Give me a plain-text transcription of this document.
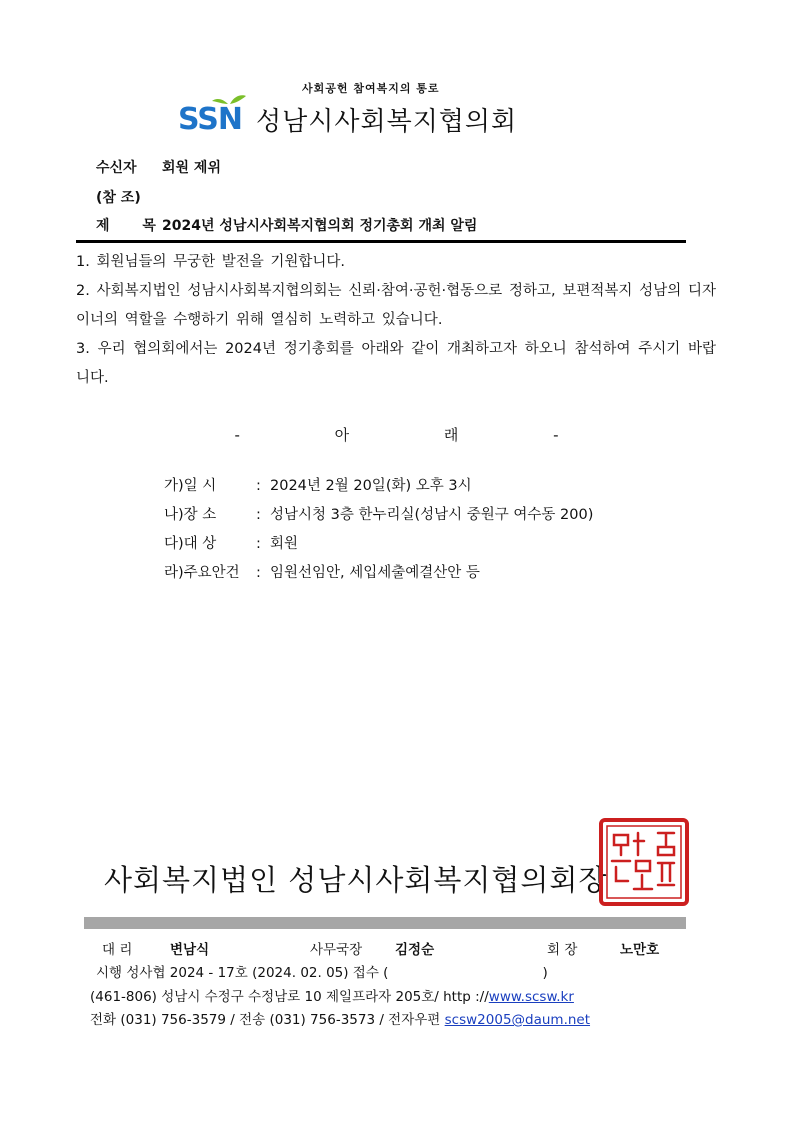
사회공헌 참여복지의 통로
SSN 성남시사회복지협의회
수신자 회원 제위
(참 조)
제 목2024년 성남시사회복지협의회 정기총회 개최 알림
1. 회원님들의 무궁한 발전을 기원합니다.
2. 사회복지법인 성남시사회복지협의회는 신뢰·참여·공헌·협동으로 정하고, 보편적복지 성남의 디자이너의 역할을 수행하기 위해 열심히 노력하고 있습니다.
3. 우리 협의회에서는 2024년 정기총회를 아래와 같이 개최하고자 하오니 참석하여 주시기 바랍니다.
- 아 래 -
가)일 시	: 2024년 2월 20일(화) 오후 3시
나)장 소	: 성남시청 3층 한누리실(성남시 중원구 여수동 200)
다)대 상	: 회원
라)주요안건 : 임원선임안, 세입세출예결산안 등
사회복지법인 성남시사회복지협의회장
대 리	변남식	사무국장 김정순	회 장	노만호
시행 성사협 2024 - 17호 (2024. 02. 05) 접수 (	)
(461-806) 성남시 수정구 수정남로 10 제일프라자 205호/ http ://www.scsw.kr
전화 (031) 756-3579 / 전송 (031) 756-3573 / 전자우편 scsw2005@daum.net
